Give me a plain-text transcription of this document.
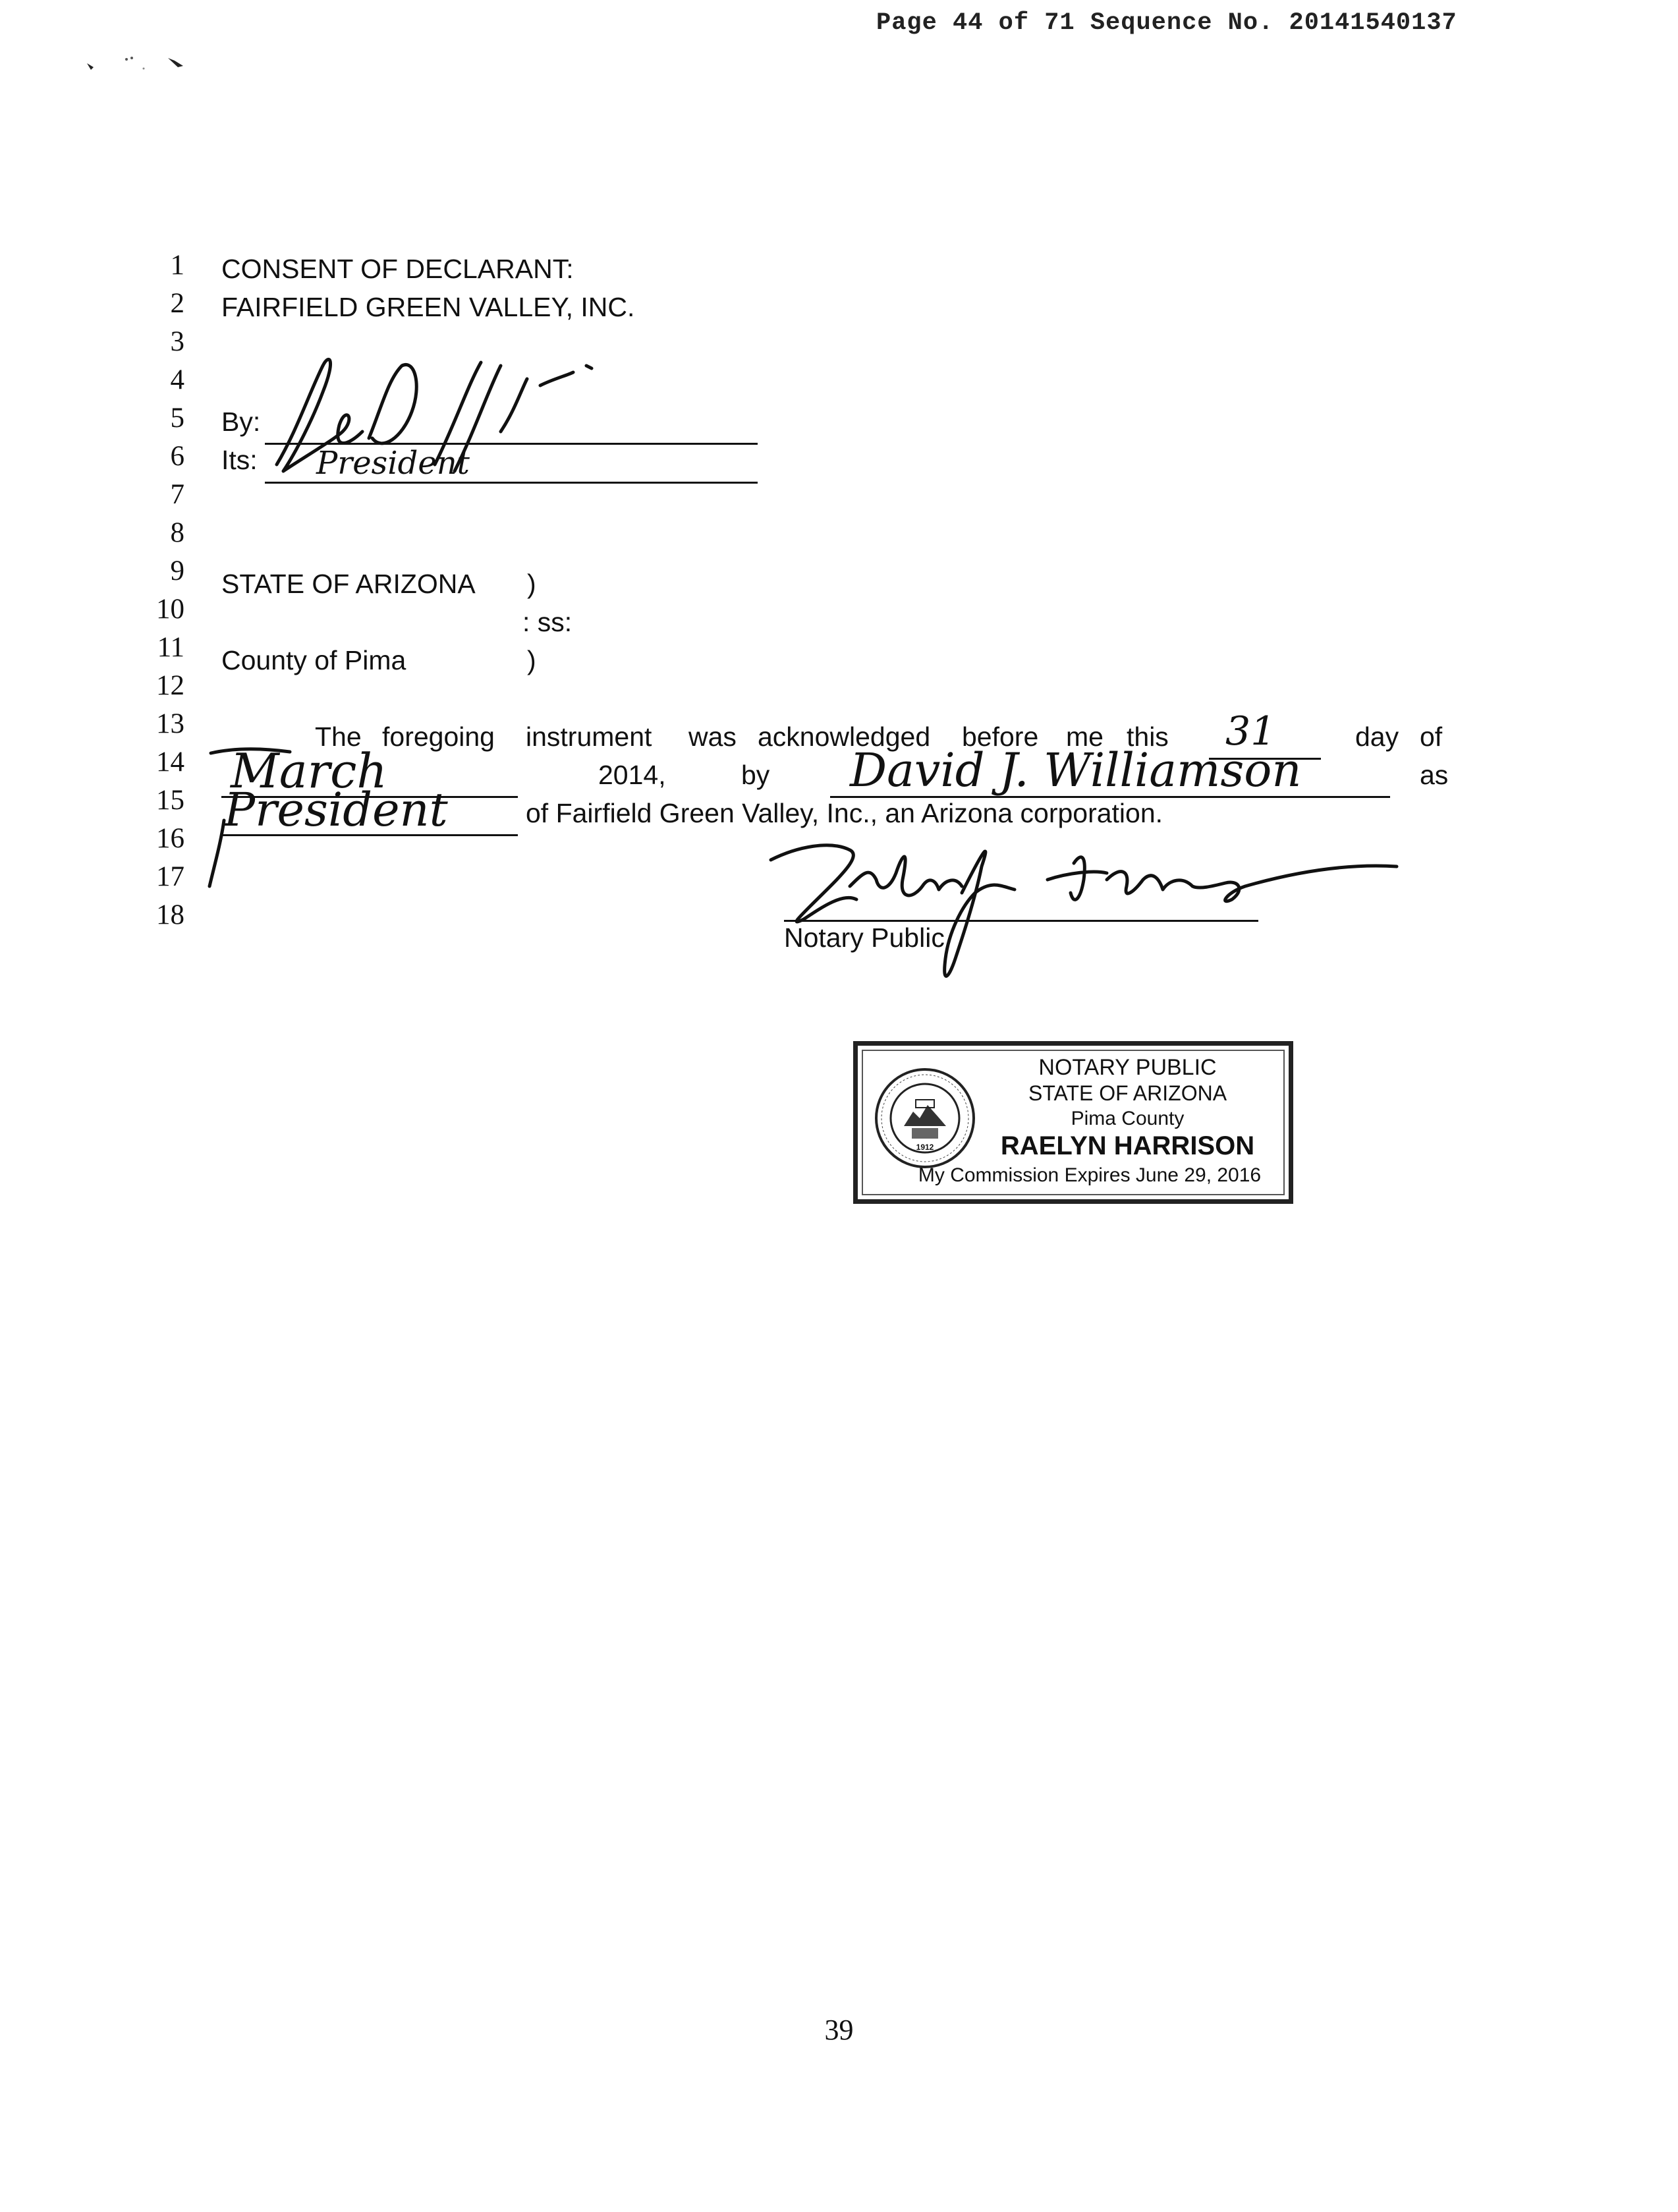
Page 44 of 71 Sequence No. 20141540137
1
2
3
4
5
6
7
8
9
10
11
12
13
14
15
16
17
18
CONSENT OF DECLARANT:
FAIRFIELD GREEN VALLEY, INC.
By:
Its: President
STATE OF ARIZONA )
: ss:
County of Pima	)
The foregoing instrument was acknowledged before me this 31	day of
March	2014,	by David J. Williamson	as
President	of Fairfield Green Valley, Inc., an Arizona corporation.
Notary Public
1912
NOTARY PUBLIC
STATE OF ARIZONA
Pima County
RAELYN HARRISON
My Commission Expires June 29, 2016
39
